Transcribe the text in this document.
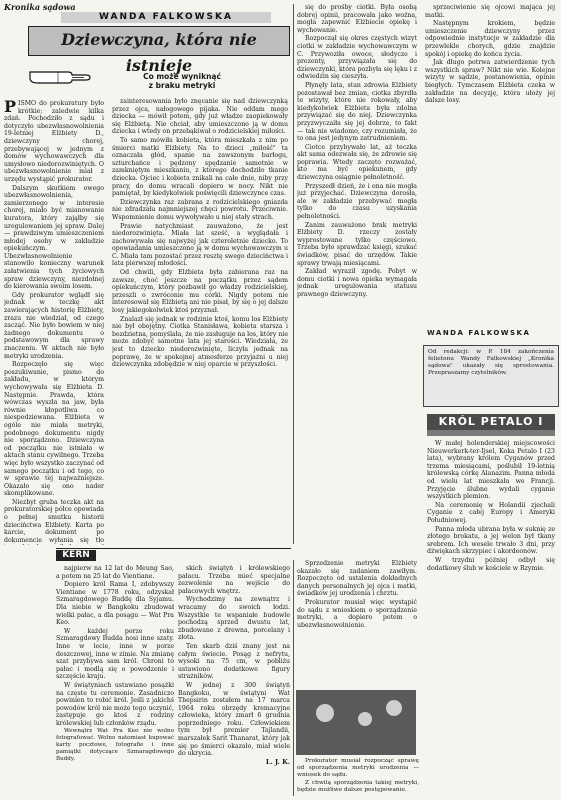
Kronika sądowa
WANDA FALKOWSKA
Dziewczyna, która nie istnieje
Co może wyniknąć
z braku metryki

PISMO do prokuratury było krótkie; zaledwie kilka zdań. Pochodziło z sądu i dotyczyło ubezwłasnowolnienia 19-letniej Elżbiety D., dziewczyny chorej, przebywającej w jednym z domów wychowawczych dla umysłowo niedorozwiniętych. O ubezwłasnowolnienie miał z urzędu wystąpić prokurator.

Dalszym skutkiem owego ubezwłasnowolnienia, zamierzonego w interesie chorej, miało być mianowanie kuratora, który zająłby się uregulowaniem jej spraw. Dalej — prawdziwym umieszczeniem młodej osoby w zakładzie opiekuńczym. Ubezwłasnowolnienie stanowiło konieczny warunek załatwienia tych życiowych spraw dziewczyny, niezdolnej do kierowania swoim losem.

Gdy prokurator wglądł się jednak w teczkę akt zawierających historię Elżbiety, zrazu nie wiedział, od czego zacząć. Nie było bowiem w niej żadnego dokumentu o podstawowym dla sprawy znaczeniu. W aktach nie było metryki urodzenia.

Rozpoczęło się więc poszukiwanie, pismo do zakładu, w którym wychowywała się Elżbieta D. Następnie. Prawda, która wówczas wyszła na jaw, była równie kłopotliwa co niespodziewana. Elżbieta w ogóle nie miała metryki, podobnego dokumentu nigdy nie sporządzono. Dziewczyna od początku nie istniała w aktach stanu cywilnego. Trzeba więc było wszystko zaczynać od samego początku i od tego, co w sprawie tej najważniejsze. Okazało się ono nader skomplikowane.

Niezbyt gruba teczka akt na prokuratorskiej półce opowiada o pełnej smutku historii dziecińctwa Elżbiety. Karta po karcie, dokument po dokumencie wyłania się tło

zainteresowania było znęcanie się nad dziewczynką przez ojca, nałogowego pijaka. Nie oddam mego dziecka — mówił potem, gdy już władze zaopiekowały się Elżbietą. Nie chciał, aby umieszczono ją w domu dziecka i wtedy on przebąkiwał o rodzicielskiej miłości.

To samo mówiła kobieta, która mieszkała z nim po śmierci matki Elżbiety. Na to dzieci „miłość" ta oznaczała głód, spanie na zawszonym barłogu, szturchańce i pędzony spędzanie samotnie w zamkniętym mieszkaniu, z którego dochodziło tkanie dziecka. Ojciec i kobieta znikali na całe dnie, niby przy pracy, do domu wracali dopiero w nocy. Nikt nie pamiętał, by kiedykolwiek poświęcili dziewczynce czas.

Dziewczynka raz zabrana z rodzicielskiego gniazda nie zdradzała najmniejszej chęci powrotu. Przeciwnie. Wspomnienie domu wywoływało u niej stały strach.

Prawie natychmiast zauważono, że jest niedorozwinięta. Miała lat sześć, a wyglądała i zachowywała się najwyżej jak czteroletnie dziecko. To opowiadania umieszczono ją w domu wychowawczym u C. Miała tam pozostać przez resztę swego dziecińctwa i lata pierwszej młodości.

Od chwili, gdy Elżbieta była zabierana raz na zawsze, choć jeszcze na początku przez sądem opiekuńczym, który pozbawił go władzy rodzicielskiej, przeszli o zwróconie mu córki. Nigdy potem nie interesował się Elżbietą ani nie pisał, by się o jej dalsze losy jakiegokolwiek ktoś przyznał.

Znalazł się jednak w rodzinie ktoś, komu los Elżbiety nie był obojętny. Ciotka Stanisława, kobieta starsza i bezdzietna, pomyślała, że nie zasługuje na los, który nie może zdobyć samotne lata jej starości. Wiedziała, że jest to dziecko niedorozwinięte, liczyła jednak na poprawę, że w spokojnej atmosferze przyjaźni u niej dziewczynka zdobędzie w niej oparcie w przyszłości.

się do prośby ciotki. Była osobą dobrej opinii, pracowała jako woźna, mogła zapewnić Elżbiecie opiekę i wychowanie.

Rozpoczął się okres częstych wizyt ciotki w zakładzie wychowawczym w C. Przywoziła owoce, słodycze i prezenty, przywiązała się do dziewczynki, która pozbyła się lęku i z odwiedzin się cieszyła.

Płynęły lata, stan zdrowia Elżbiety pozostawał bez zmian, ciotka zbyrdła te wizyty, które nie rokowały, aby kiedykolwiek Elżbieta była zdolna przywiązać się do niej. Dziewczynka przyzwyczaiła się jej dobrze, to fakt — tak nie wiadomo, czy rozumiała, że to ona jest jedynym zatrudnieniem.

Ciotce przybywało lat, aż teczka akt sama odezwała się, że zdrowie się poprawia. Wtedy zaczęto rozważać, kto ma być opiekunem, gdy dziewczyna osiągnie pełnoletność.

Przyszedł dzień, że i ona nie mogła już przyjechać. Dziewczyna dorosła, ale w zakładzie przebywać mogła tylko do czasu uzyskania pełnoletności.

Zanim zauważono brak metryki Elżbiety D. rzeczy zostały wyprostowane tylko częściowo. Trzeba było sprawdzać księgi, szukać świadków, pisać do urzędów. Takie sprawy trwają miesiącami.

Zakład wyraził zgodę. Pobyt w domu ciotki i nowa opieka wymagała jednak uregulowania statusu prawnego dziewczyny.

sprzeciwienie się ojcowi mająca jej matki.

Następnym krokiem, będzie umieszczenie dziewczyny przez odpowiednie instytucje w zakładzie dla przewlekle chorych, gdzie znajdzie spokój i opiekę do końca życia.

Jak długo potrwa zatwierdzenie tych wszystkich spraw? Nikt nie wie. Kolejne wizyty w sądzie, postanowienia, opinie biegłych. Tymczasem Elżbieta czeka w zakładzie na decyzję, która ułoży jej dalsze losy.

WANDA FALKOWSKA
Od redakcji: w P. 184 zakończenia felietonu Wandy Falkowskiej „Kronika sądowa" ukazały się sprostowania. Przepraszamy czytelników.
KRÓL PETALO I

W małej holenderskiej miejscowości Nieuwerkerk-ter-Ijsel, Koka Petalo I (23 lata), wybrany królem Cyganów przed trzema miesiącami, poślubił 19-letnią królewską córkę Alanazim. Panna młoda od wielu lat mieszkała we Francji. Przyjęcie ślubne wydali cyganie wszystkich plemion.

Na ceremonię w Holandii zjechali Cyganie z całej Europy i Ameryki Południowej.

Panna młoda ubrana była w suknię ze złotego brokatu, a jej welon był tkany srebrem. Ich wesele trwało 3 dni, przy dźwiękach skrzypiec i akordeonów.

W trzydni później odbył się dodatkowy ślub w kościele w Rzymie.

KERN

najpierw na 12 lat do Meung Sao, a potem na 25 lat do Vientiane.

Dopiero król Rama I, zdobywszy Vientiane w 1778 roku, odzyskał Szmaragdowego Buddę dla Syjamu. Dla niebie w Bangkoku zbudował wielki pałac, a dla posągu — Wat Pra Keo.

W każdej porze roku Szmaragdowy Budda nosi inne szaty. Inne w lecie, inne w porze deszczowej, inne w zimie. Na zmianę szat przybywa sam król. Chroni to pałac i modlą się o powodzenie i szczęście kraju.

W świątyniach ustawiano posążki na częste tu ceremonie. Zasadniczo powinien to robić król. Jeśli z jakichś powodów król nie może tego uczynić, zastępuje go ktoś z rodziny królewskiej lub członków rządu.

Wewnątrz Wat Pra Keo nie wolno fotografować. Wolno natomiast kupować karty pocztowe, fotografie i inne pamiątki dotyczące Szmaragdowego Buddy.

skich świątyń i królewskiego pałacu. Trzeba mieć specjalne zezwolenie na wejście do pałacowych wnętrz.

Wychodzimy na zewnątrz i wracamy do swoich łodzi. Wszystkie te wspaniałe budowle pochodzą sprzed dwustu lat, zbudowane z drewna, porcelany i złota.

Ten skarb dziś znany jest na całym świecie. Posąg z nefrytu, wysoki na 75 cm, w pobliżu ustawiono dodatkowe figury strażników.

W jednej z 300 świątyń Bangkoku, w świątyni Wat Thepsirin zostałem na 17 marca 1964 roku obrzędy kremacyjne człowieka, który zmarł 6 grudnia poprzedniego roku. Człowiekiem tym był premier Tajlandii, marszałek Sarit Thanarat, który jak się po śmierci okazało, miał wiele do ukrycia.

L. J. K.

Sprzedzenie metryki Elżbiety okazało się zadaniem zawiłym. Rozpoczęto od ustalenia dokładnych danych personalnych jej ojca i matki, świadków jej urodzenia i chrztu.

Prokurator musiał więc wystąpić do sądu z wnioskiem o sporządzenie metryki, a dopiero potem o ubezwłasnowolnienie.

Prokurator musiał rozpocząć sprawę od sporządzenia metryki urodzenia — wniosek do sądu.

Z chwilą sporządzenia takiej metryki, będzie możliwe dalsze postępowanie.
